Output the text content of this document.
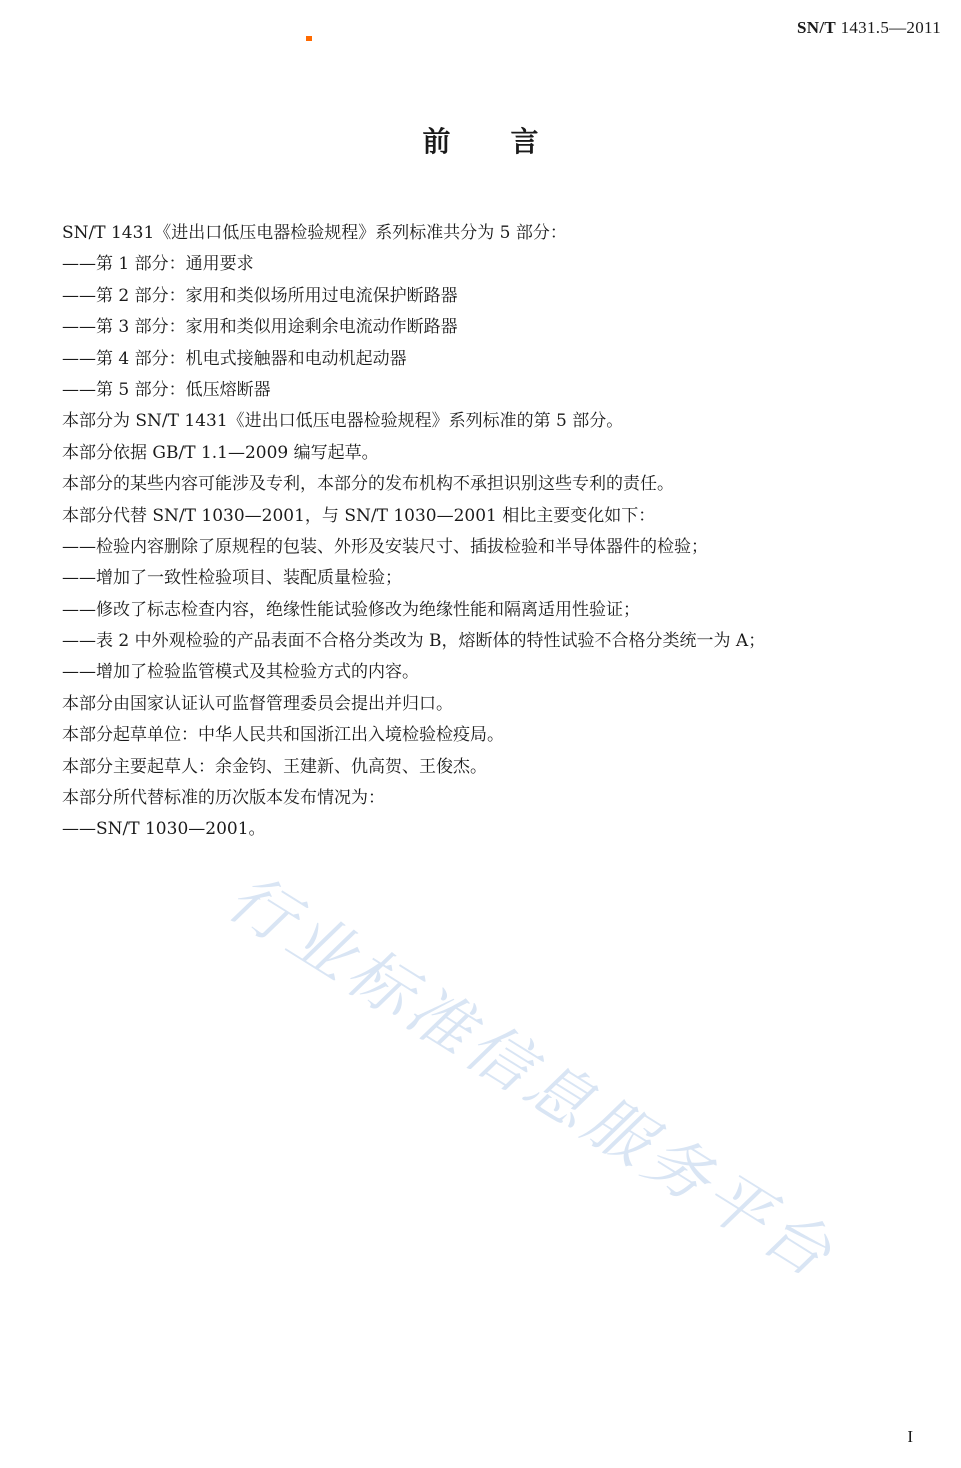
SN/T 1431.5—2011
前言
SN/T 1431《进出口低压电器检验规程》系列标准共分为 5 部分：
——第 1 部分：通用要求
——第 2 部分：家用和类似场所用过电流保护断路器
——第 3 部分：家用和类似用途剩余电流动作断路器
——第 4 部分：机电式接触器和电动机起动器
——第 5 部分：低压熔断器
本部分为 SN/T 1431《进出口低压电器检验规程》系列标准的第 5 部分。
本部分依据 GB/T 1.1—2009 编写起草。
本部分的某些内容可能涉及专利，本部分的发布机构不承担识别这些专利的责任。
本部分代替 SN/T 1030—2001，与 SN/T 1030—2001 相比主要变化如下：
——检验内容删除了原规程的包装、外形及安装尺寸、插拔检验和半导体器件的检验；
——增加了一致性检验项目、装配质量检验；
——修改了标志检查内容，绝缘性能试验修改为绝缘性能和隔离适用性验证；
——表 2 中外观检验的产品表面不合格分类改为 B，熔断体的特性试验不合格分类统一为 A；
——增加了检验监管模式及其检验方式的内容。
本部分由国家认证认可监督管理委员会提出并归口。
本部分起草单位：中华人民共和国浙江出入境检验检疫局。
本部分主要起草人：余金钧、王建新、仇高贺、王俊杰。
本部分所代替标准的历次版本发布情况为：
——SN/T 1030—2001。
行业标准信息服务平台
I
